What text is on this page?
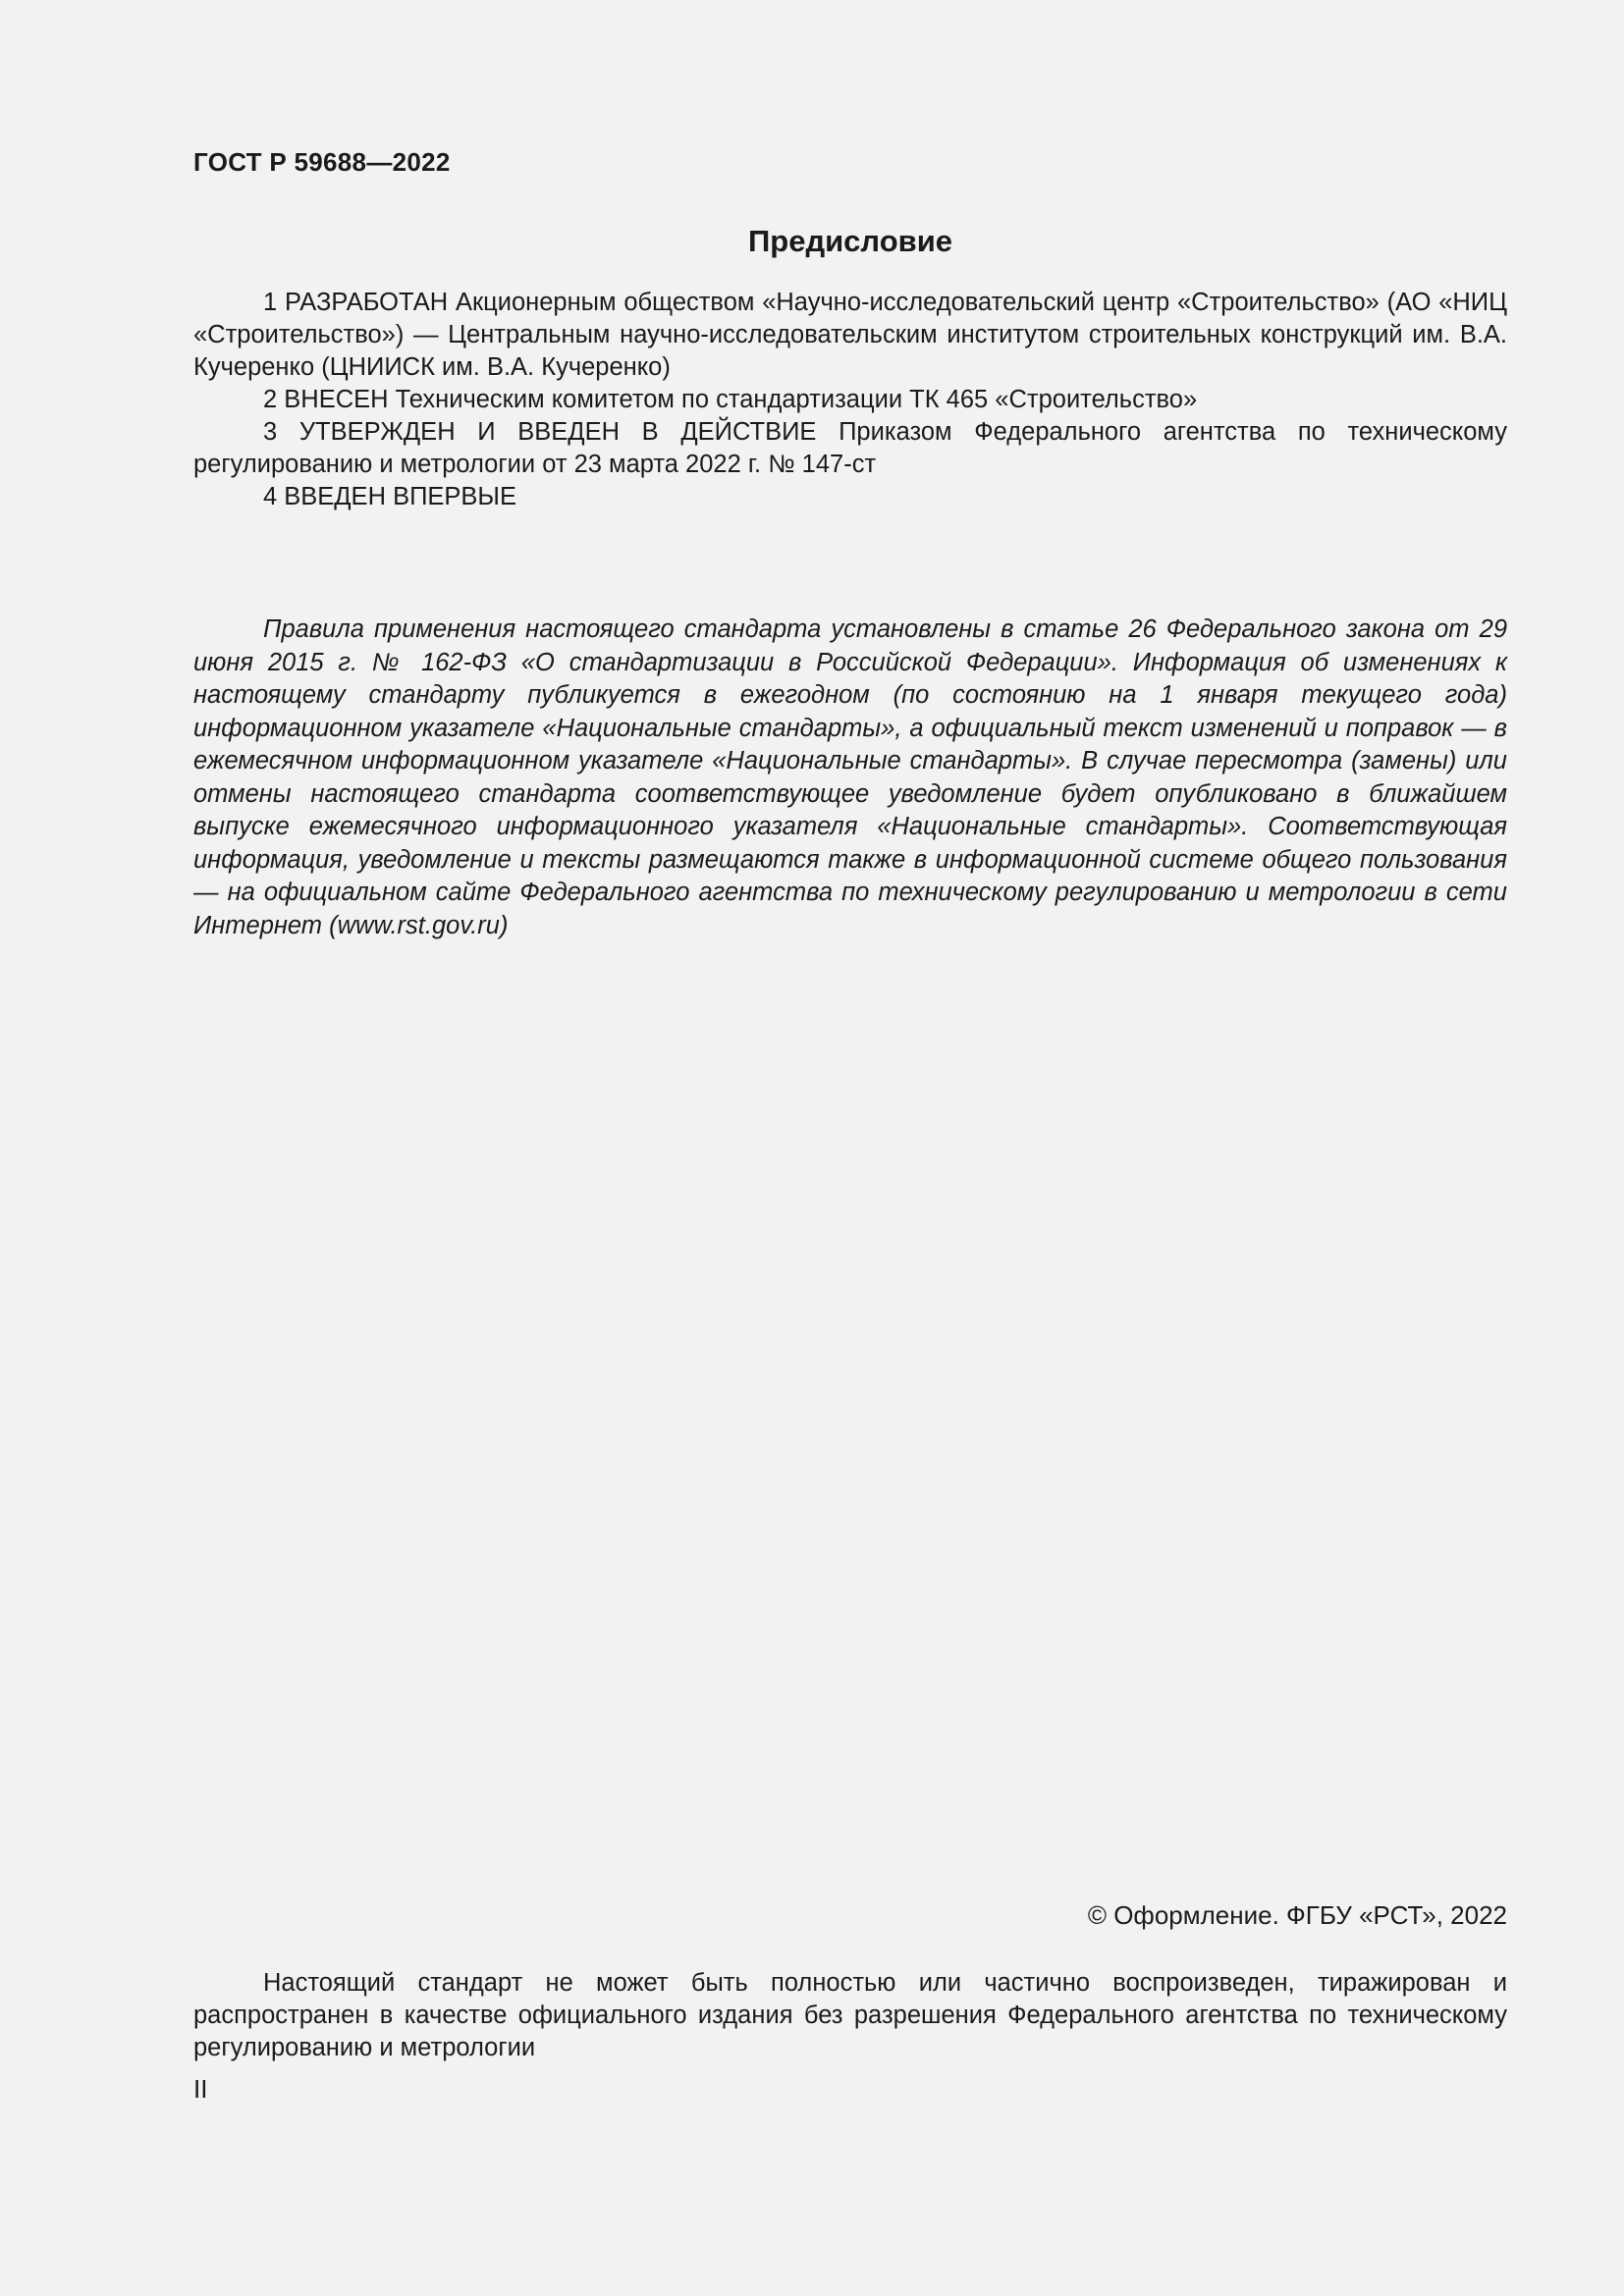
ГОСТ Р 59688—2022
Предисловие

1 РАЗРАБОТАН Акционерным обществом «Научно-исследовательский центр «Строительство» (АО «НИЦ «Строительство») — Центральным научно-исследовательским институтом строительных конструкций им. В.А. Кучеренко (ЦНИИСК им. В.А. Кучеренко)

2 ВНЕСЕН Техническим комитетом по стандартизации ТК 465 «Строительство»

3 УТВЕРЖДЕН И ВВЕДЕН В ДЕЙСТВИЕ Приказом Федерального агентства по техническому регулированию и метрологии от 23 марта 2022 г. № 147-ст

4 ВВЕДЕН ВПЕРВЫЕ

Правила применения настоящего стандарта установлены в статье 26 Федерального закона от 29 июня 2015 г. № 162-ФЗ «О стандартизации в Российской Федерации». Информация об изменениях к настоящему стандарту публикуется в ежегодном (по состоянию на 1 января текущего года) информационном указателе «Национальные стандарты», а официальный текст изменений и поправок — в ежемесячном информационном указателе «Национальные стандарты». В случае пересмотра (замены) или отмены настоящего стандарта соответствующее уведомление будет опубликовано в ближайшем выпуске ежемесячного информационного указателя «Национальные стандарты». Соответствующая информация, уведомление и тексты размещаются также в информационной системе общего пользования — на официальном сайте Федерального агентства по техническому регулированию и метрологии в сети Интернет (www.rst.gov.ru)

© Оформление. ФГБУ «РСТ», 2022

Настоящий стандарт не может быть полностью или частично воспроизведен, тиражирован и распространен в качестве официального издания без разрешения Федерального агентства по техническому регулированию и метрологии

II
